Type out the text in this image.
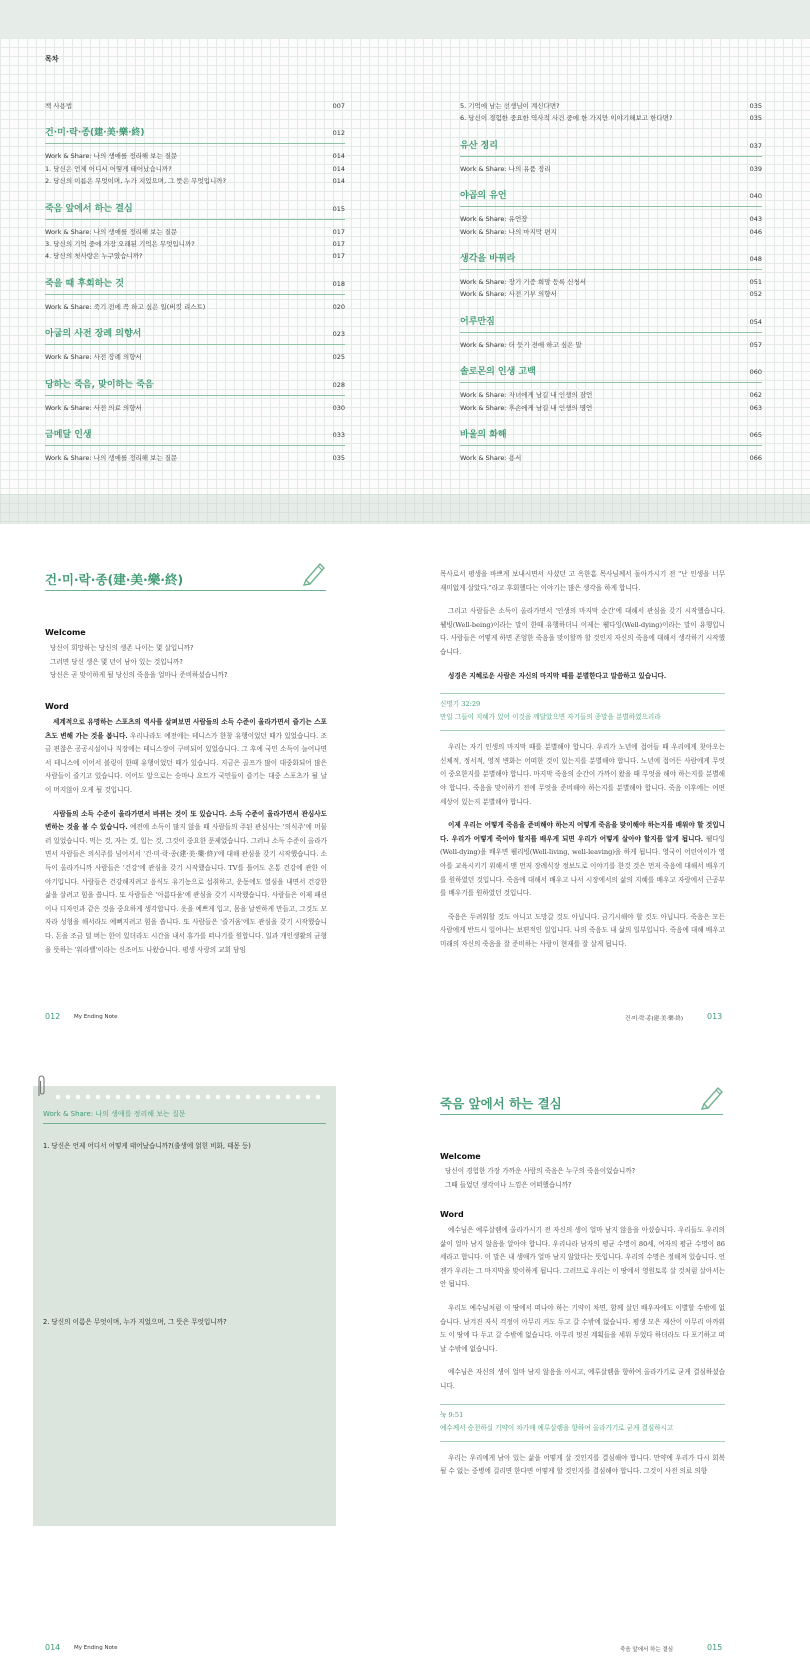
목차
책 사용법	007
건·미·락·종(建·美·樂·終)	012
Work & Share: 나의 생애를 정리해 보는 질문	014
1. 당신은 언제 어디서 어떻게 태어났습니까?	014
2. 당신의 이름은 무엇이며, 누가 지었으며, 그 뜻은 무엇입니까?	014
죽음 앞에서 하는 결심	015
Work & Share: 나의 생애를 정리해 보는 질문	017
3. 당신의 기억 중에 가장 오래된 기억은 무엇입니까?	017
4. 당신의 첫사랑은 누구였습니까?	017
죽을 때 후회하는 것	018
Work & Share: 죽기 전에 꼭 하고 싶은 일(버킷 리스트)	020
아굽의 사전 장례 의향서	023
Work & Share: 사전 장례 의향서	025
당하는 죽음, 맞이하는 죽음	028
Work & Share: 사전 의료 의향서	030
금메달 인생	033
Work & Share: 나의 생애를 정리해 보는 질문	035
5. 기억에 남는 선생님이 계신다면?	035
6. 당신이 경험한 중요한 역사적 사건 중에 한 가지만 이야기해보고 한다면?	035
유산 정리	037
Work & Share: 나의 유품 정리	039
야곱의 유언	040
Work & Share: 유언장	043
Work & Share: 나의 마지막 편지	046
생각을 바꿔라	048
Work & Share: 장기 기증 희망 등록 신청서	051
Work & Share: 사전 기부 의향서	052
어루만짐	054
Work & Share: 더 듯기 전에 하고 싶은 말	057
솔로몬의 인생 고백	060
Work & Share: 자녀에게 남길 내 인생의 잠언	062
Work & Share: 후손에게 남길 내 인생의 명언	063
바울의 화해	065
Work & Share: 용서	066
건·미·락·종(建·美·樂·終)
Welcome
당신이 희망하는 당신의 생존 나이는 몇 살입니까?
그러면 당신 생은 몇 년이 남아 있는 것입니까?
당신은 곧 맞이하게 될 당신의 죽음을 얼마나 준비하셨습니까?
Word

세계적으로 유명하는 스포츠의 역사를 살펴보면 사람들의 소득 수준이 올라가면서 즐기는 스포츠도 변해 가는 것을 봅니다. 우리나라도 예전에는 테니스가 한창 유행이었던 때가 있었습니다. 조금 편찮은 공공시설이나 직장에는 테니스장이 구비되어 있었습니다. 그 후에 국민 소득이 늘어나면서 테니스에 이어서 볼링이 한때 유행이었던 때가 있습니다. 지금은 골프가 많이 대중화되어 많은 사람들이 즐기고 있습니다. 이어도 앞으로는 승마나 요트가 국민들이 즐기는 대중 스포츠가 될 날이 머지않아 오게 될 것입니다.

사람들의 소득 수준이 올라가면서 바뀌는 것이 또 있습니다. 소득 수준이 올라가면서 관심사도 변하는 것을 볼 수 있습니다. 예전에 소득이 많지 않을 때 사람들의 주된 관심사는 '의식주'에 머물러 있었습니다. 먹는 것, 자는 것, 입는 것, 그것이 중요한 문제였습니다. 그러나 소득 수준이 올라가면서 사람들은 의식주를 넘어서서 '건·미·락·종(建·美·樂·終)'에 대해 관심을 갖기 시작했습니다. 소득이 올라가니까 사람들은 '건강'에 관심을 갖기 시작했습니다. TV를 틀어도 온통 건강에 관한 이야기입니다. 사람들은 건강해지려고 음식도 유기농으로 섭취하고, 운동에도 열심을 내면서 건강한 삶을 살려고 힘을 씁니다. 또 사람들은 '아름다움'에 관심을 갖기 시작했습니다. 사람들은 이제 패션이나 디자인과 같은 것을 중요하게 생각합니다. 옷을 예쁘게 입고, 몸을 날씬하게 만들고, 그것도 모자라 성형을 해서라도 예뻐지려고 힘을 씁니다. 또 사람들은 '즐거움'에도 관심을 갖기 시작했습니다. 돈을 조금 덜 버는 한이 있더라도 시간을 내서 휴가를 떠나기를 원합니다. 일과 개인생활의 균형을 뜻하는 '워라밸'이라는 신조어도 나왔습니다. 평생 사랑의 교회 담임

012 My Ending Note

목사로서 평생을 바쁘게 보내시면서 사셨던 고 옥한흠 목사님께서 돌아가시기 전 "난 인생을 너무 재미없게 살았다."라고 후회했다는 이야기는 많은 생각을 하게 합니다.

그리고 사람들은 소득이 올라가면서 '인생의 마지막 순간'에 대해서 관심을 갖기 시작했습니다. 웰빙(Well-being)이라는 말이 한때 유행하더니 이제는 웰다잉(Well-dying)이라는 말이 유행입니다. 사람들은 어떻게 하면 존엄한 죽음을 맞이할까 할 것인지 자신의 죽음에 대해서 생각하기 시작했습니다.

성경은 지혜로운 사람은 자신의 마지막 때를 분별한다고 말씀하고 있습니다.

신명기 32:29
만일 그들이 지혜가 있어 이것을 깨달았으면 자기들의 종말을 분별하였으리라

우리는 자기 인생의 마지막 때를 분별해야 합니다. 우리가 노년에 접어들 때 우리에게 찾아오는 신체적, 정서적, 영적 변화는 어떠한 것이 있는지를 분별해야 합니다. 노년에 접어든 사람에게 무엇이 중요한지를 분별해야 합니다. 마지막 죽음의 순간이 가까이 왔을 때 무엇을 해야 하는지를 분별해야 합니다. 죽음을 맞이하기 전에 무엇을 준비해야 하는지를 분별해야 합니다. 죽음 이후에는 어떤 세상이 있는지 분별해야 합니다.

이제 우리는 어떻게 죽음을 준비해야 하는지 어떻게 죽음을 맞이해야 하는지를 배워야 할 것입니다. 우리가 어떻게 죽어야 할지를 배우게 되면 우리가 어떻게 살아야 할지를 알게 됩니다. 웰다잉(Well-dying)을 배우면 웰리빙(Well-living, well-leaving)을 하게 됩니다. 영국이 어린아이가 영아를 교육시키기 위해서 맨 먼저 장례식장 정보도로 이야기를 한것 것은 먼저 죽음에 대해서 배우기를 원하였던 것입니다. 죽음에 대해서 배우고 나서 시장에서의 삶의 지혜를 배우고 자랑에서 근공부를 배우기를 원하였던 것입니다.

죽음은 두려워할 것도 아니고 도망갈 것도 아닙니다. 금기시해야 할 것도 아닙니다. 죽음은 모든 사람에게 반드시 일어나는 보편적인 일입니다. 나의 죽음도 내 삶의 일부입니다. 죽음에 대해 배우고 미래의 자신의 죽음을 잘 준비하는 사람이 현재를 잘 살게 됩니다.

건·미·락·종(建·美·樂·終)	013
Work & Share: 나의 생애를 정리해 보는 질문
1. 당신은 언제 어디서 어떻게 태어났습니까?(출생에 얽힌 비화, 태몽 등)
2. 당신의 이름은 무엇이며, 누가 지었으며, 그 뜻은 무엇입니까?
014 My Ending Note
죽음 앞에서 하는 결심
Welcome
당신이 경험한 가장 가까운 사람의 죽음은 누구의 죽음이었습니까?
그때 들었던 생각이나 느낌은 어떠했습니까?
Word

예수님은 예루살렘에 올라가시기 전 자신의 생이 얼마 남지 않음을 아셨습니다. 우리들도 우리의 삶이 얼마 남지 않음을 알아야 합니다. 우리나라 남자의 평균 수명이 80세, 여자의 평균 수명이 86세라고 합니다. 이 말은 내 생애가 얼마 남지 않았다는 뜻입니다. 우리의 수명은 정해져 있습니다. 언젠가 우리는 그 마지막을 맞이하게 됩니다. 그러므로 우리는 이 땅에서 영원토록 살 것처럼 살아서는 안 됩니다.

우리도 예수님처럼 이 땅에서 떠나야 하는 기약이 차면, 함께 살던 배우자에도 이별할 수밖에 없습니다. 남겨진 자식 걱정이 아무리 커도 두고 갈 수밖에 없습니다. 평생 모은 재산이 아무리 아까워도 이 땅에 다 두고 갈 수밖에 없습니다. 아무리 멋진 계획들을 세워 두었다 하더라도 다 포기하고 떠날 수밖에 없습니다.

예수님은 자신의 생이 얼마 남지 않음을 아시고, 예루살렘을 향하여 올라가기로 굳게 결심하셨습니다.

눅 9:51
예수께서 승천하실 기약이 차가매 예루살렘을 향하여 올라가기로 굳게 결심하시고

우리는 우리에게 남아 있는 삶을 어떻게 살 것인지를 결심해야 합니다. 만약에 우리가 다시 회복될 수 없는 중병에 걸리면 한다면 어떻게 할 것인지를 결심해야 합니다. 그것이 사전 의료 의향

죽음 앞에서 하는 결심	015
